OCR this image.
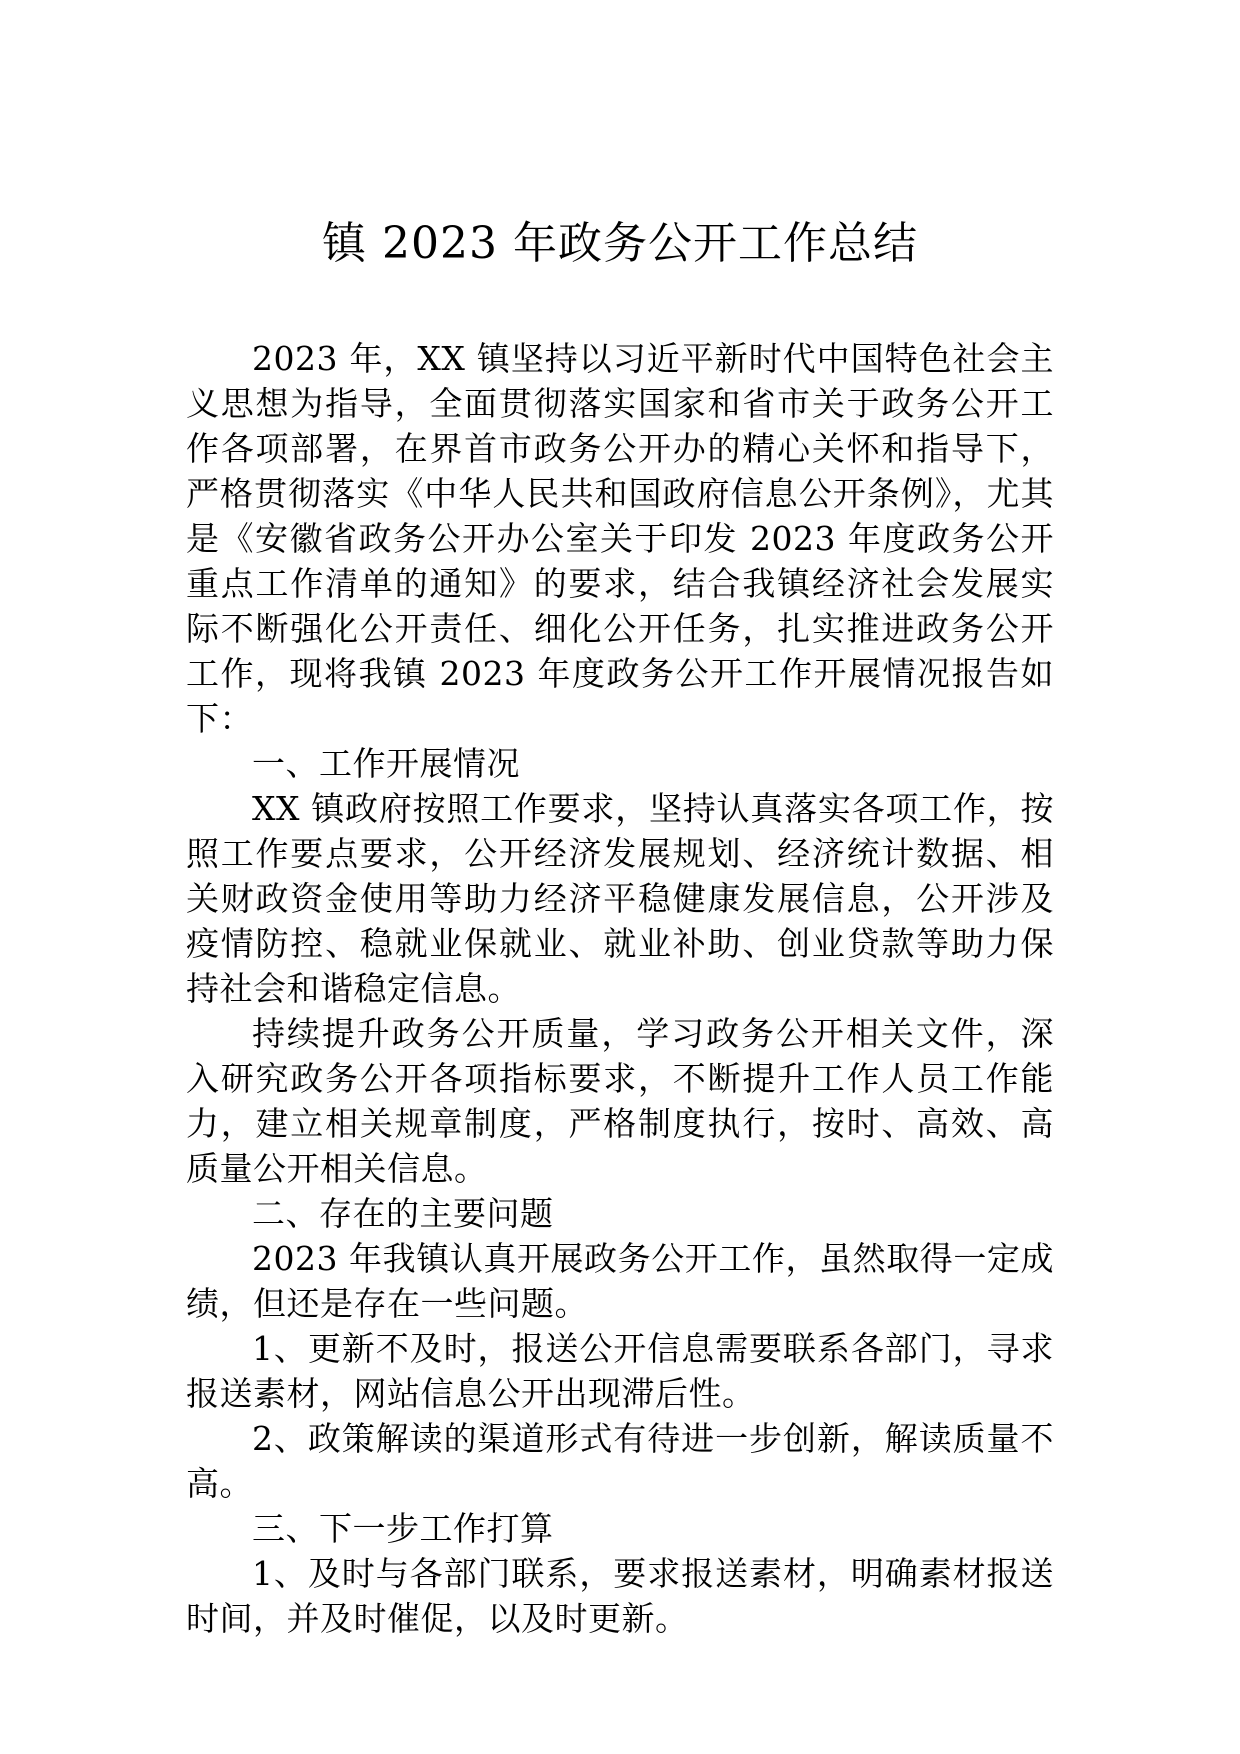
镇 2023 年政务公开工作总结

2023 年，XX 镇坚持以习近平新时代中国特色社会主义思想为指导，全面贯彻落实国家和省市关于政务公开工作各项部署，在界首市政务公开办的精心关怀和指导下，严格贯彻落实《中华人民共和国政府信息公开条例》，尤其是《安徽省政务公开办公室关于印发 2023 年度政务公开重点工作清单的通知》的要求，结合我镇经济社会发展实际不断强化公开责任、细化公开任务，扎实推进政务公开工作，现将我镇 2023 年度政务公开工作开展情况报告如下：

一、工作开展情况

XX 镇政府按照工作要求，坚持认真落实各项工作，按照工作要点要求，公开经济发展规划、经济统计数据、相关财政资金使用等助力经济平稳健康发展信息，公开涉及疫情防控、稳就业保就业、就业补助、创业贷款等助力保持社会和谐稳定信息。

持续提升政务公开质量，学习政务公开相关文件，深入研究政务公开各项指标要求，不断提升工作人员工作能力，建立相关规章制度，严格制度执行，按时、高效、高质量公开相关信息。

二、存在的主要问题

2023 年我镇认真开展政务公开工作，虽然取得一定成绩，但还是存在一些问题。

1、更新不及时，报送公开信息需要联系各部门，寻求报送素材，网站信息公开出现滞后性。

2、政策解读的渠道形式有待进一步创新，解读质量不高。

三、下一步工作打算

1、及时与各部门联系，要求报送素材，明确素材报送时间，并及时催促，以及时更新。
